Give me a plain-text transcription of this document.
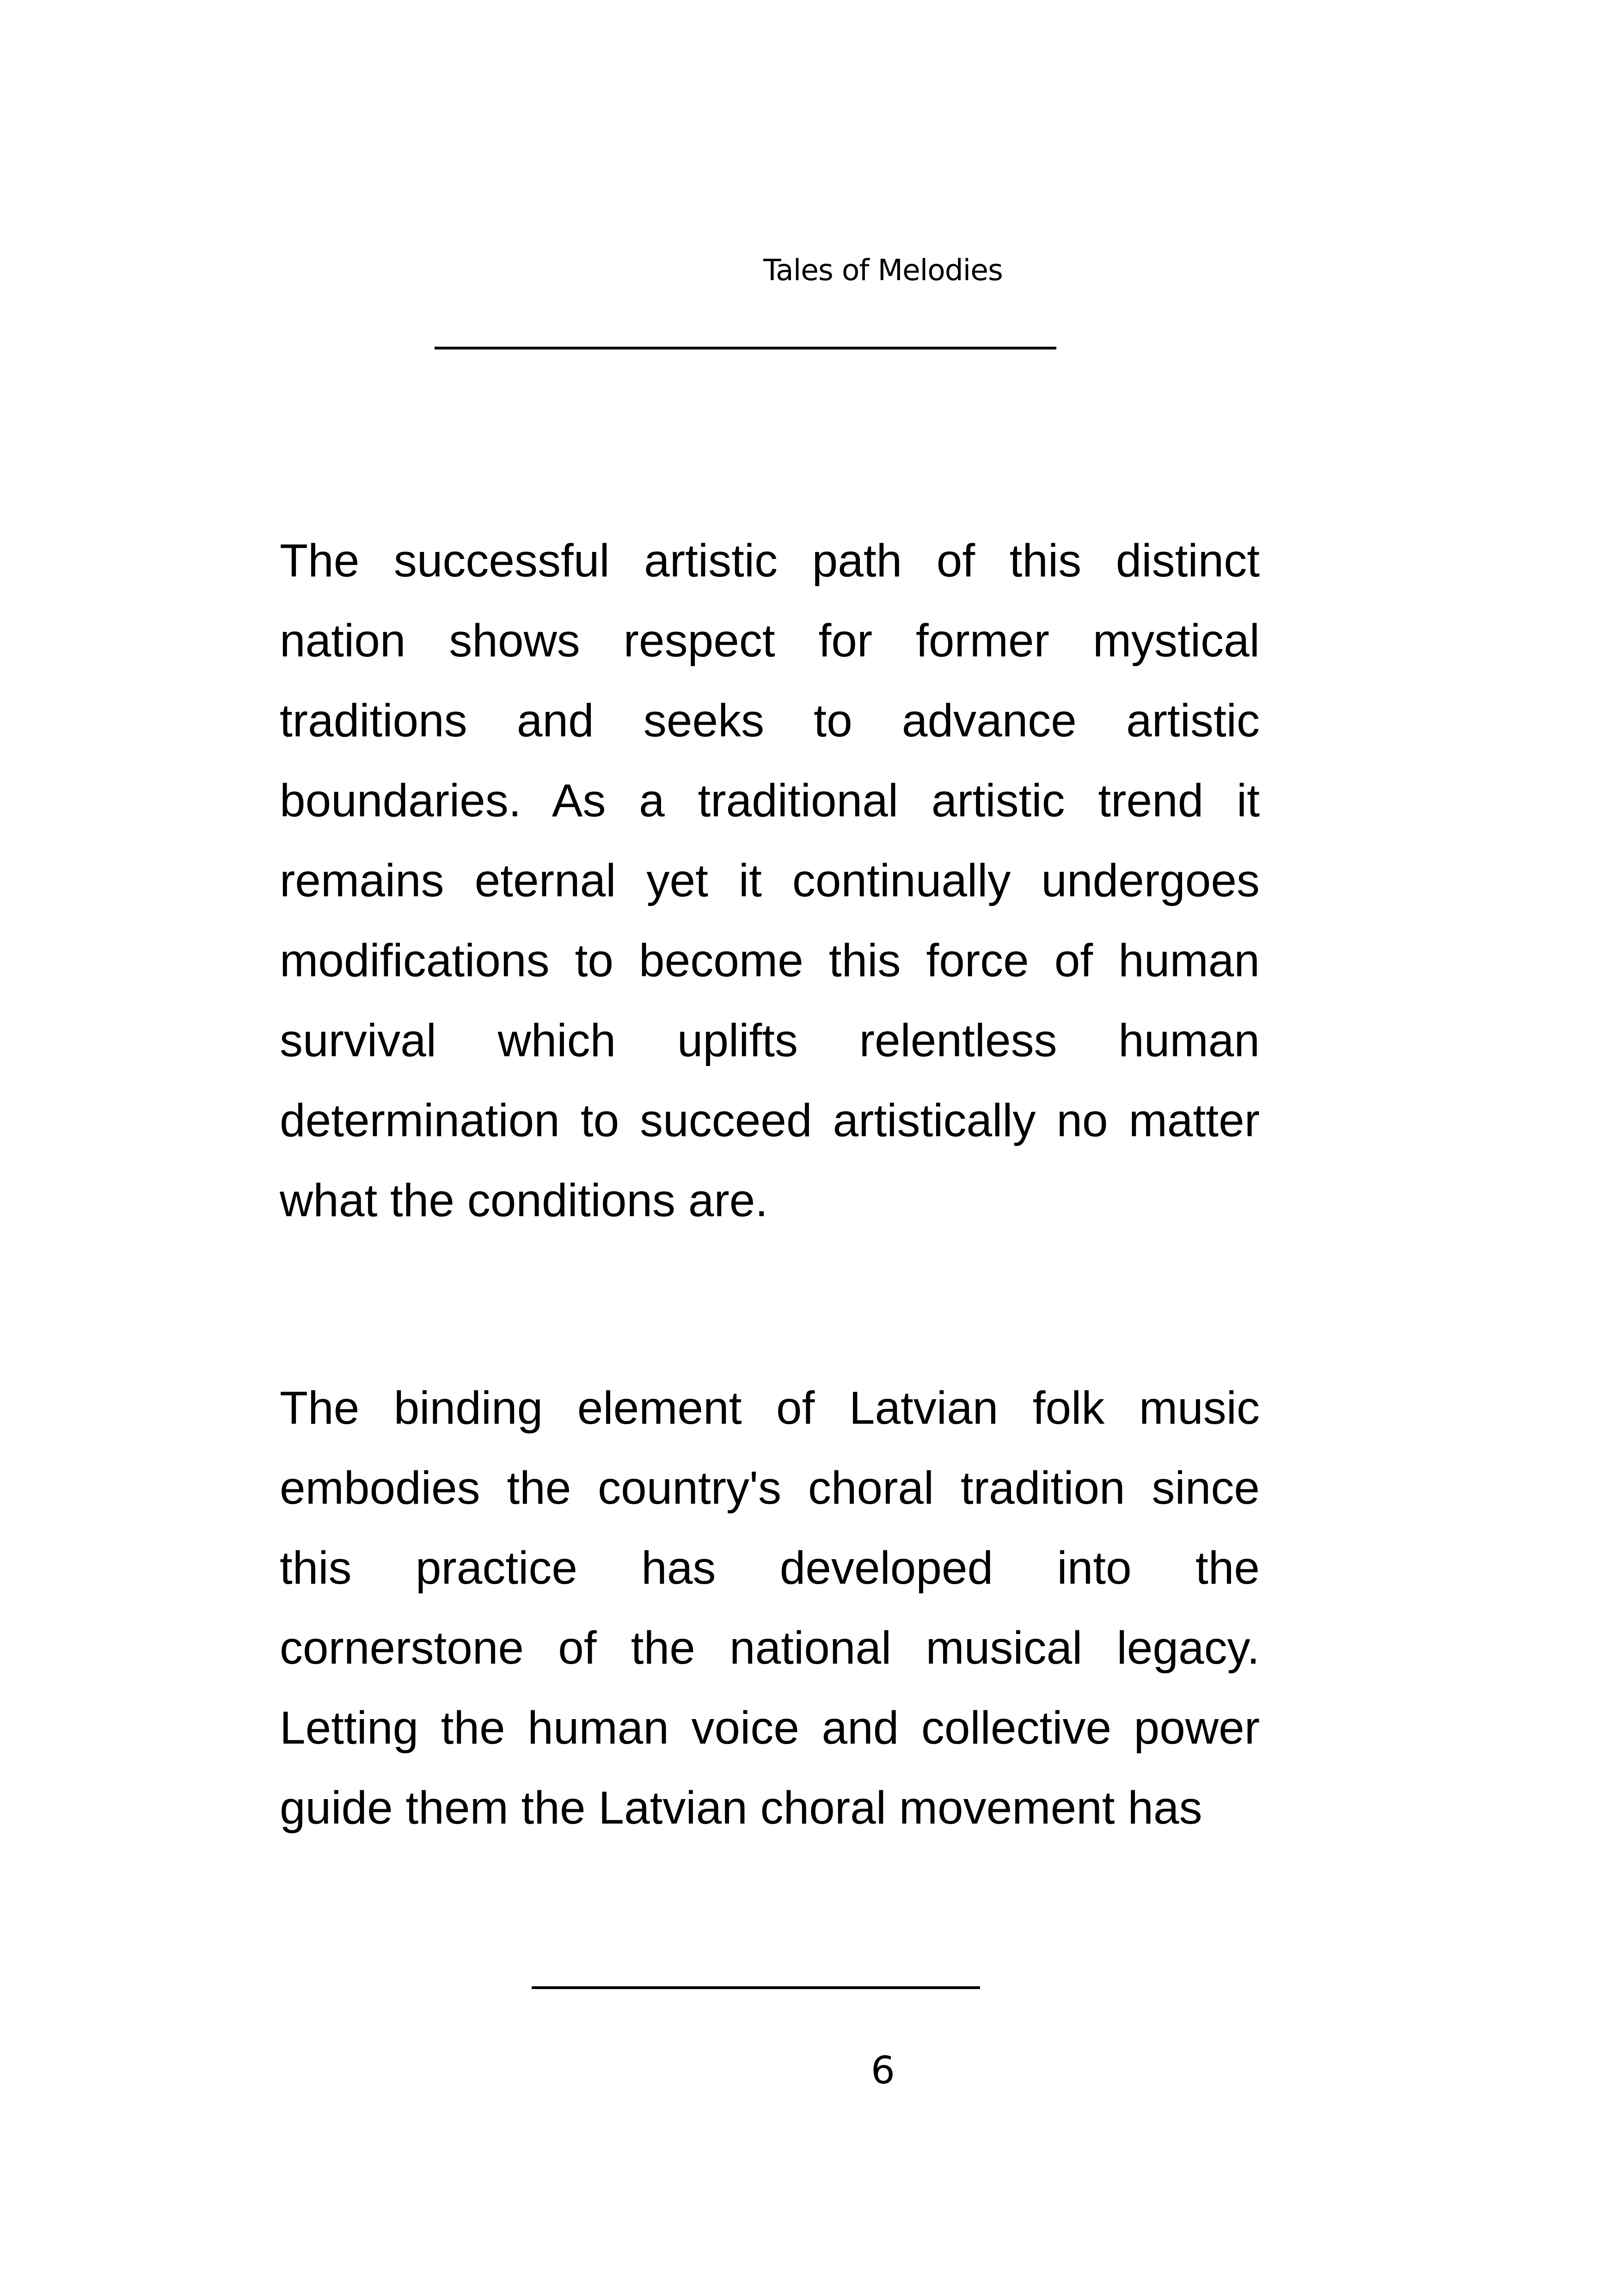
Tales of Melodies

The successful artistic path of this distinct nation shows respect for former mystical traditions and seeks to advance artistic boundaries. As a traditional artistic trend it remains eternal yet it continually undergoes modifications to become this force of human survival which uplifts relentless human determination to succeed artistically no matter what the conditions are.

The binding element of Latvian folk music embodies the country's choral tradition since this practice has developed into the cornerstone of the national musical legacy. Letting the human voice and collective power guide them the Latvian choral movement has

6
